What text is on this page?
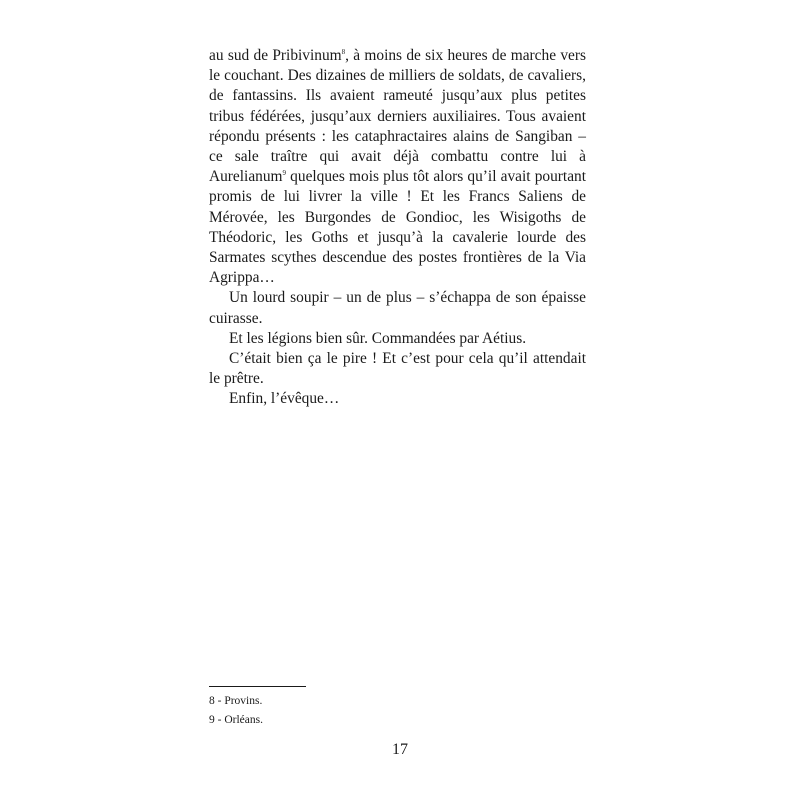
au sud de Pribivinum$^8$, à moins de six heures de marche vers le couchant. Des dizaines de milliers de soldats, de cavaliers, de fantassins. Ils avaient rameuté jusqu’aux plus petites tribus fédérées, jusqu’aux derniers auxiliaires. Tous avaient répondu présents : les cataphractaires alains de Sangiban – ce sale traître qui avait déjà combattu contre lui à Aurelianum$^9$ quelques mois plus tôt alors qu’il avait pourtant promis de lui livrer la ville ! Et les Francs Saliens de Mérovée, les Burgondes de Gondioc, les Wisigoths de Théodoric, les Goths et jusqu’à la cavalerie lourde des Sarmates scythes descendue des postes frontières de la Via Agrippa…

Un lourd soupir – un de plus – s’échappa de son épaisse cuirasse.

Et les légions bien sûr. Commandées par Aétius.

C’était bien ça le pire ! Et c’est pour cela qu’il attendait le prêtre.

Enfin, l’évêque…

8 - Provins.
9 - Orléans.
17
